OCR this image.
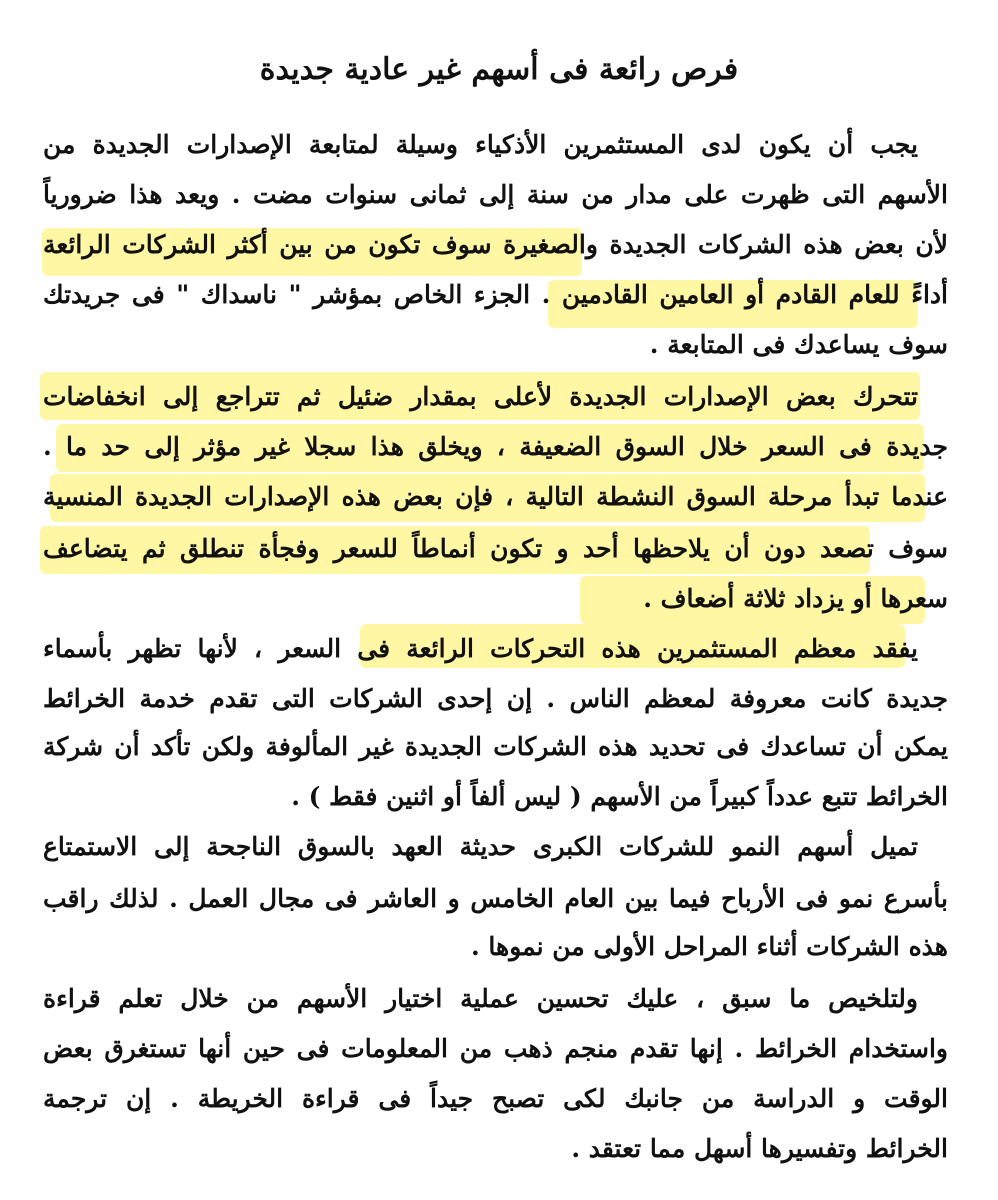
فرص رائعة فى أسهم غير عادية جديدة
يجب أن يكون لدى المستثمرين الأذكياء وسيلة لمتابعة الإصدارات الجديدة من
الأسهم التى ظهرت على مدار من سنة إلى ثمانى سنوات مضت . ويعد هذا ضرورياً
لأن بعض هذه الشركات الجديدة والصغيرة سوف تكون من بين أكثر الشركات الرائعة
أداءً للعام القادم أو العامين القادمين . الجزء الخاص بمؤشر " ناسداك " فى جريدتك
سوف يساعدك فى المتابعة .
تتحرك بعض الإصدارات الجديدة لأعلى بمقدار ضئيل ثم تتراجع إلى انخفاضات
جديدة فى السعر خلال السوق الضعيفة ، ويخلق هذا سجلا غير مؤثر إلى حد ما .
عندما تبدأ مرحلة السوق النشطة التالية ، فإن بعض هذه الإصدارات الجديدة المنسية
سوف تصعد دون أن يلاحظها أحد و تكون أنماطاً للسعر وفجأة تنطلق ثم يتضاعف
سعرها أو يزداد ثلاثة أضعاف .
يفقد معظم المستثمرين هذه التحركات الرائعة فى السعر ، لأنها تظهر بأسماء
جديدة كانت معروفة لمعظم الناس . إن إحدى الشركات التى تقدم خدمة الخرائط
يمكن أن تساعدك فى تحديد هذه الشركات الجديدة غير المألوفة ولكن تأكد أن شركة
الخرائط تتبع عدداً كبيراً من الأسهم ( ليس ألفاً أو اثنين فقط ) .
تميل أسهم النمو للشركات الكبرى حديثة العهد بالسوق الناجحة إلى الاستمتاع
بأسرع نمو فى الأرباح فيما بين العام الخامس و العاشر فى مجال العمل . لذلك راقب
هذه الشركات أثناء المراحل الأولى من نموها .
ولتلخيص ما سبق ، عليك تحسين عملية اختيار الأسهم من خلال تعلم قراءة
واستخدام الخرائط . إنها تقدم منجم ذهب من المعلومات فى حين أنها تستغرق بعض
الوقت و الدراسة من جانبك لكى تصبح جيداً فى قراءة الخريطة . إن ترجمة
الخرائط وتفسيرها أسهل مما تعتقد .
